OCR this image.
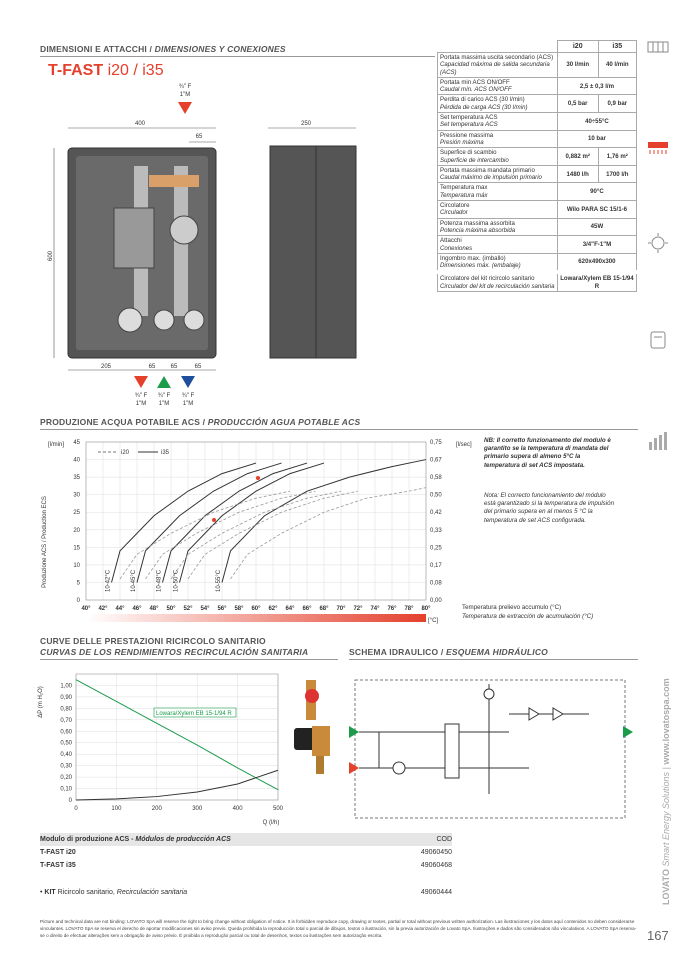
DIMENSIONI E ATTACCHI / DIMENSIONES Y CONEXIONES
T-FAST i20 / i35
¾" F
1"M
400
65
600
250
205	65	65	65
¾" F
1"M
¾" F
1"M
¾" F
1"M
	i20	i35
Portata massima uscita secondario (ACS)
Capacidad máxima de salida secundaria (ACS)	30 l/min	40 l/min
Portata min ACS ON/OFF
Caudal mín. ACS ON/OFF	2,5 ± 0,3 l/m	
Perdita di carico ACS (30 l/min)
Pérdida de carga ACS (30 l/min)	0,5 bar	0,9 bar
Set temperatura ACS
Set temperatura ACS	40÷55°C	
Pressione massima
Presión máxima	10 bar	
Superfice di scambio
Superficie de intercambio	0,882 m²	1,76 m²
Portata massima mandata primario
Caudal máximo de impulsión primario	1480 l/h	1700 l/h
Temperatura max
Temperatura máx	90°C	
Circolatore
Circulador	Wilo PARA SC 15/1-6	
Potenza massima assorbita
Potencia máxima absorbida	45W	
Attacchi
Conexiones	3/4"F-1"M	
Ingombro max. (imballo)
Dimensiones máx. (embalaje)	620x490x300	
Circolatore del kit ricircolo sanitario
Circulador del kit de recirculación sanitaria	Lowara/Xylem EB 15-1/94 R	
PRODUZIONE ACQUA POTABILE ACS / PRODUCCIÓN AGUA POTABLE ACS
[l/min]
Produzione ACS / Production ECS
[l/sec]
0	0,00
5	0,08
10	0,17
15	0,25
20	0,33
25	0,42
30	0,50
35	0,58
40	0,67
45	0,75
40° 42° 44° 46° 48° 50° 52° 54° 56° 58° 60° 62° 64° 66° 68° 70° 72° 74° 76° 78° 80°
10-42°C	10-45°C	10-48°C 10-50°C	10-55°C
i20	i35
[°C]
Temperatura prelievo accumulo (°C)
Temperatura de extracción de acumulación (°C)
NB: Il corretto funzionamento del modulo è garantito se la temperatura di mandata del primario supera di almeno 5°C la temperatura di set ACS impostata.
Nota: El correcto funcionamiento del módulo está garantizado si la temperatura de impulsión del primario supera en al menos 5 °C la temperatura de set ACS configurada.
CURVE DELLE PRESTAZIONI RICIRCOLO SANITARIO
CURVAS DE LOS RENDIMIENTOS RECIRCULACIÓN SANITARIA
ΔP (m H₂O)
0
0,10
0,20
0,30
0,40
0,50
0,60
0,70
0,80
0,90
1,00
0	100	200	300	400	500
Lowara/Xylem EB 15-1/94 R
Q (l/h)
SCHEMA IDRAULICO / ESQUEMA HIDRÁULICO
Modulo di produzione ACS - Módulos de producción ACS	COD
T-FAST i20	49060450
T-FAST i35	49060468

• KIT Ricircolo sanitario, Recirculación sanitaria	49060444
Picture and technical data are not binding: LOVATO SpA will reserve the right to bring change without obligation of notice. It is forbidden reproduce copy, drawing or textes, partial or total without previous written authorization. Las ilustraciones y los datos aquí contenidos no deben considerarse vinculantes. LOVATO SpA se reserva el derecho de aportar modificaciones sin aviso previo. Queda prohibida la reproducción total o parcial de dibujos, textos o ilustración, sin la previa autorización de Lovato SpA. Ilustrações e dados são considerados não vinculativos. A LOVATO SpA reserva-se o direito de efectuar alterações sem a obrigação de aviso prévio. É proibida a reprodução parcial ou total de desenhos, textos ou ilustrações sem autorização escrita.	167
LOVATO Smart Energy Solutions | www.lovatospa.com
